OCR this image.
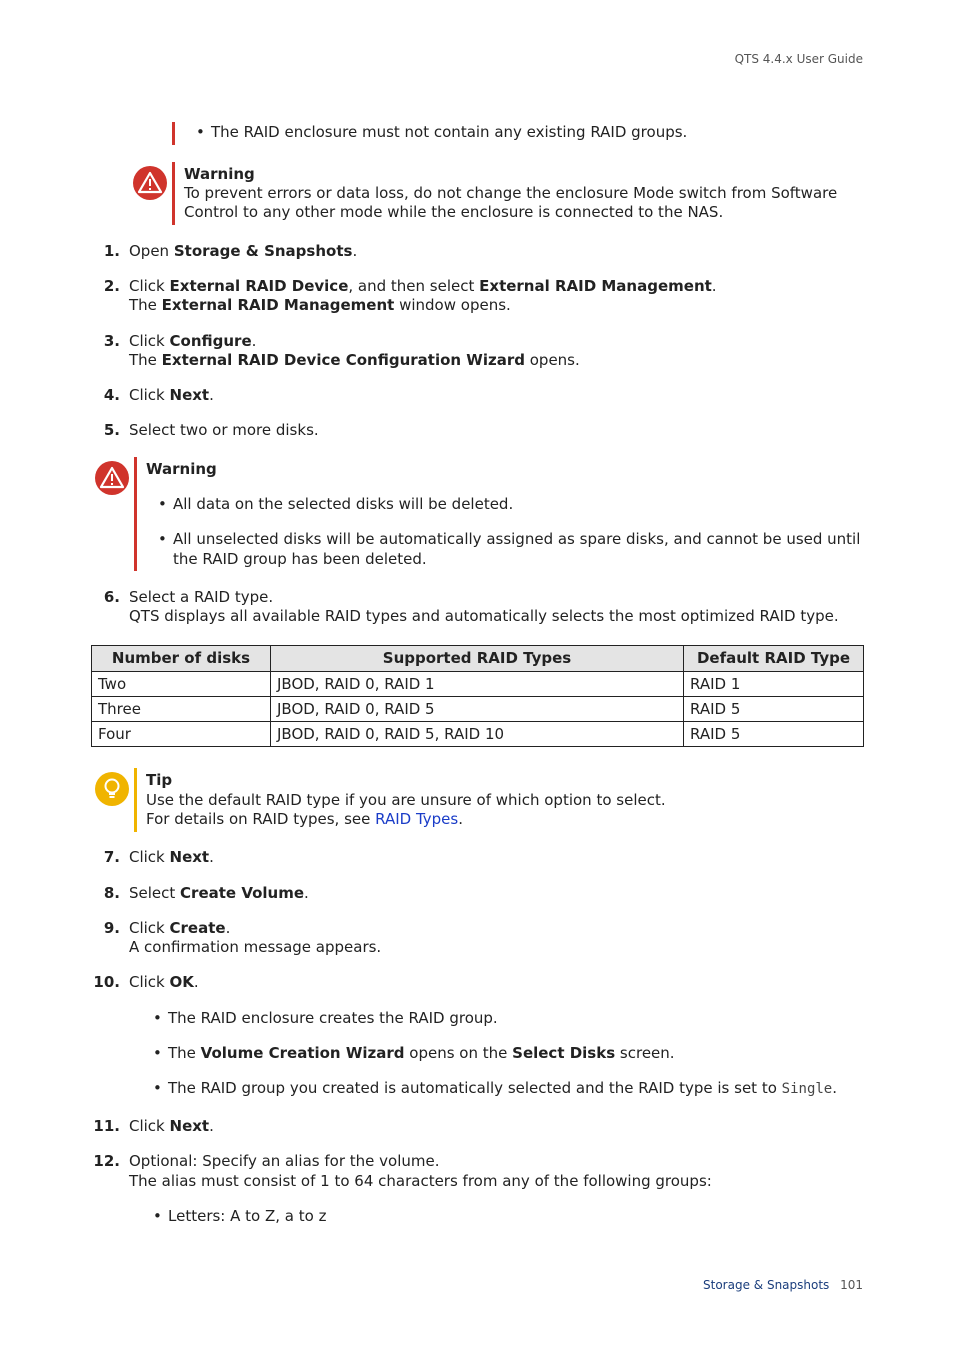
QTS 4.4.x User Guide
• The RAID enclosure must not contain any existing RAID groups.
Warning
To prevent errors or data loss, do not change the enclosure Mode switch from Software
Control to any other mode while the enclosure is connected to the NAS.
1. Open Storage & Snapshots.
2. Click External RAID Device, and then select External RAID Management.
The External RAID Management window opens.
3. Click Configure.
The External RAID Device Configuration Wizard opens.
4. Click Next.
5. Select two or more disks.
Warning
• All data on the selected disks will be deleted.
• All unselected disks will be automatically assigned as spare disks, and cannot be used until
the RAID group has been deleted.
6. Select a RAID type.
QTS displays all available RAID types and automatically selects the most optimized RAID type.
Number of disks	Supported RAID Types	Default RAID Type
Two	JBOD, RAID 0, RAID 1	RAID 1
Three	JBOD, RAID 0, RAID 5	RAID 5
Four	JBOD, RAID 0, RAID 5, RAID 10	RAID 5
Tip
Use the default RAID type if you are unsure of which option to select.
For details on RAID types, see RAID Types.
7. Click Next.
8. Select Create Volume.
9. Click Create.
A confirmation message appears.
10. Click OK.
• The RAID enclosure creates the RAID group.
• The Volume Creation Wizard opens on the Select Disks screen.
• The RAID group you created is automatically selected and the RAID type is set to Single.
11. Click Next.
12. Optional: Specify an alias for the volume.
The alias must consist of 1 to 64 characters from any of the following groups:
• Letters: A to Z, a to z
Storage & Snapshots 101
